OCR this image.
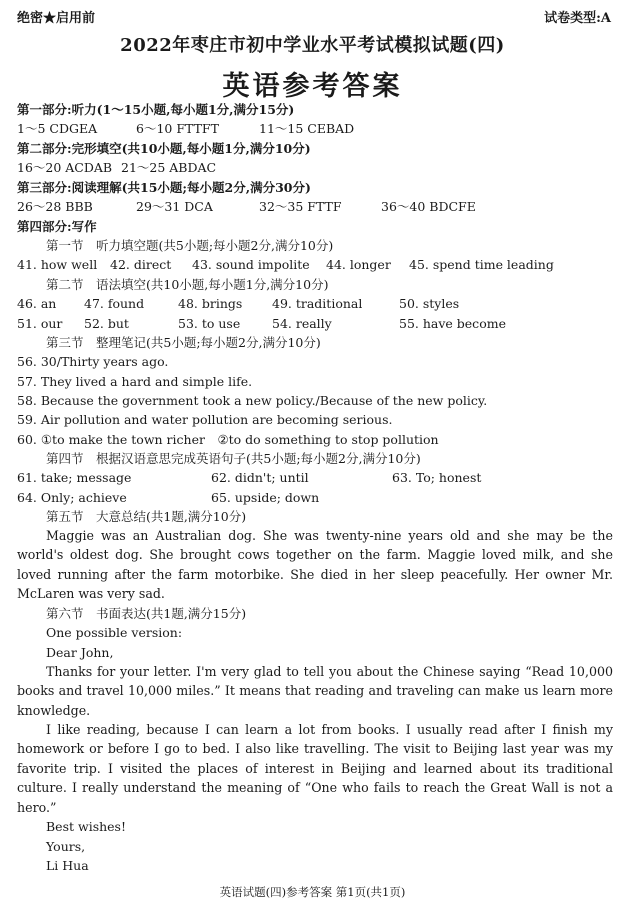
绝密★启用前	试卷类型:A
2022年枣庄市初中学业水平考试模拟试题(四)
英语参考答案
第一部分:听力(1～15小题,每小题1分,满分15分)
1～5 CDGEA	6～10 FTTFT	11～15 CEBAD
第二部分:完形填空(共10小题,每小题1分,满分10分)
16～20 ACDAB 21～25 ABDAC
第三部分:阅读理解(共15小题;每小题2分,满分30分)
26～28 BBB	29～31 DCA	32～35 FTTF	36～40 BDCFE
第四部分:写作
第一节　听力填空题(共5小题;每小题2分,满分10分)
41. how well 42. direct 43. sound impolite 44. longer 45. spend time leading
第二节　语法填空(共10小题,每小题1分,满分10分)
46. an 47. found	48. brings 49. traditional	50. styles
51. our 52. but	53. to use	54. really	55. have become
第三节　整理笔记(共5小题;每小题2分,满分10分)
56. 30/Thirty years ago.
57. They lived a hard and simple life.
58. Because the government took a new policy./Because of the new policy.
59. Air pollution and water pollution are becoming serious.
60. ①to make the town richer　②to do something to stop pollution
第四节　根据汉语意思完成英语句子(共5小题;每小题2分,满分10分)
61. take; message	62. didn't; until	63. To; honest
64. Only; achieve	65. upside; down
第五节　大意总结(共1题,满分10分)
Maggie was an Australian dog. She was twenty-nine years old and she may be the world's oldest dog. She brought cows together on the farm. Maggie loved milk, and she loved running after the farm motorbike. She died in her sleep peacefully. Her owner Mr. McLaren was very sad.
第六节　书面表达(共1题,满分15分)
One possible version:
Dear John,
Thanks for your letter. I'm very glad to tell you about the Chinese saying “Read 10,000 books and travel 10,000 miles.” It means that reading and traveling can make us learn more knowledge.
I like reading, because I can learn a lot from books. I usually read after I finish my homework or before I go to bed. I also like travelling. The visit to Beijing last year was my favorite trip. I visited the places of interest in Beijing and learned about its traditional culture. I really understand the meaning of “One who fails to reach the Great Wall is not a hero.”
Best wishes!
Yours,
Li Hua
英语试题(四)参考答案 第1页(共1页)
